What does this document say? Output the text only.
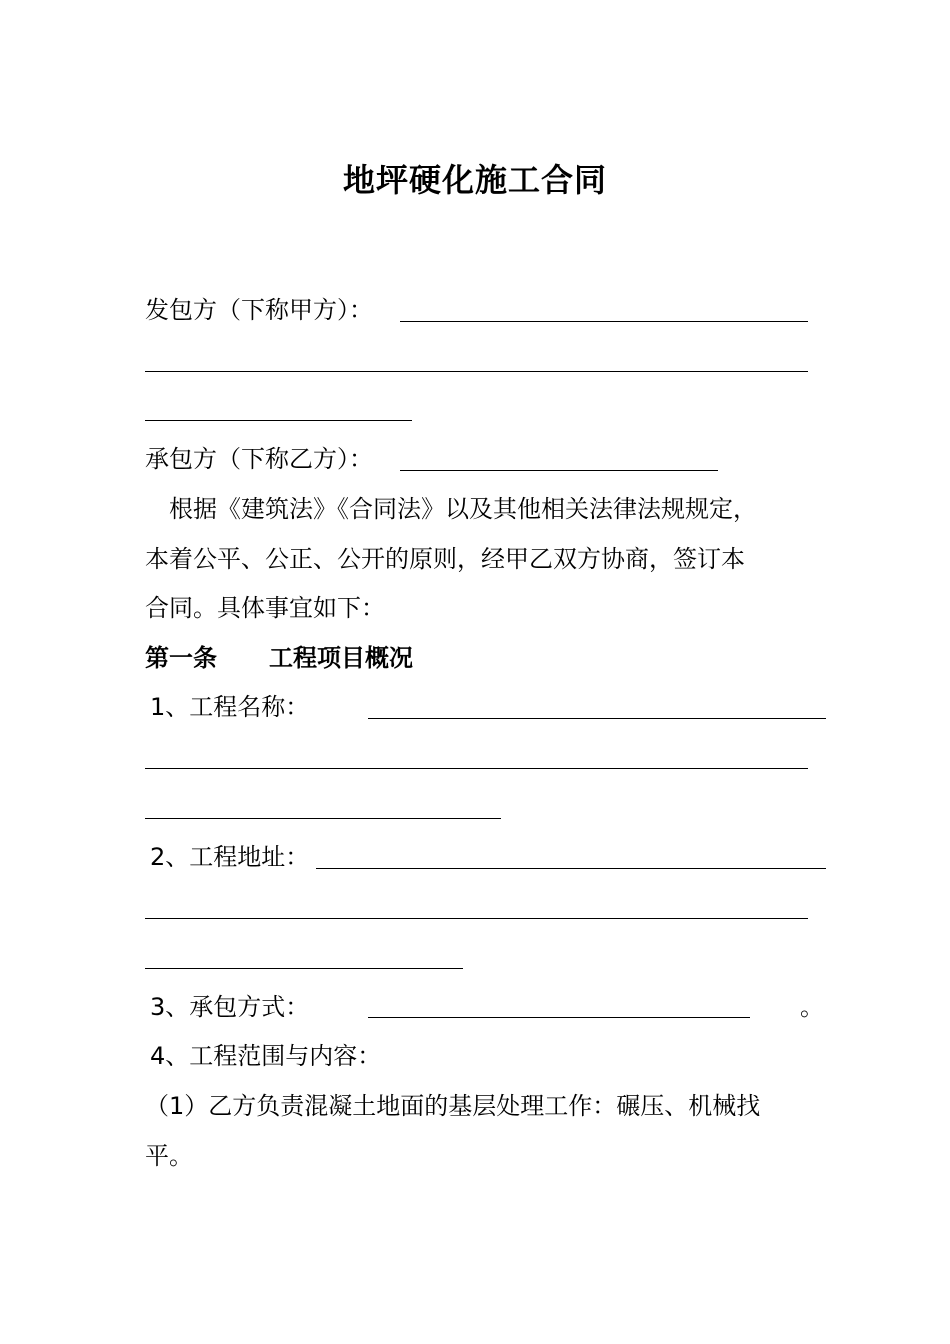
地坪硬化施工合同
发包方（下称甲方）：
承包方（下称乙方）：
根据《建筑法》《合同法》以及其他相关法律法规规定，
本着公平、公正、公开的原则，经甲乙双方协商，签订本
合同。具体事宜如下：
第一条 工程项目概况
1、工程名称：
2、工程地址：
3、承包方式：	。
4、工程范围与内容：
（1）乙方负责混凝土地面的基层处理工作：碾压、机械找
平。
